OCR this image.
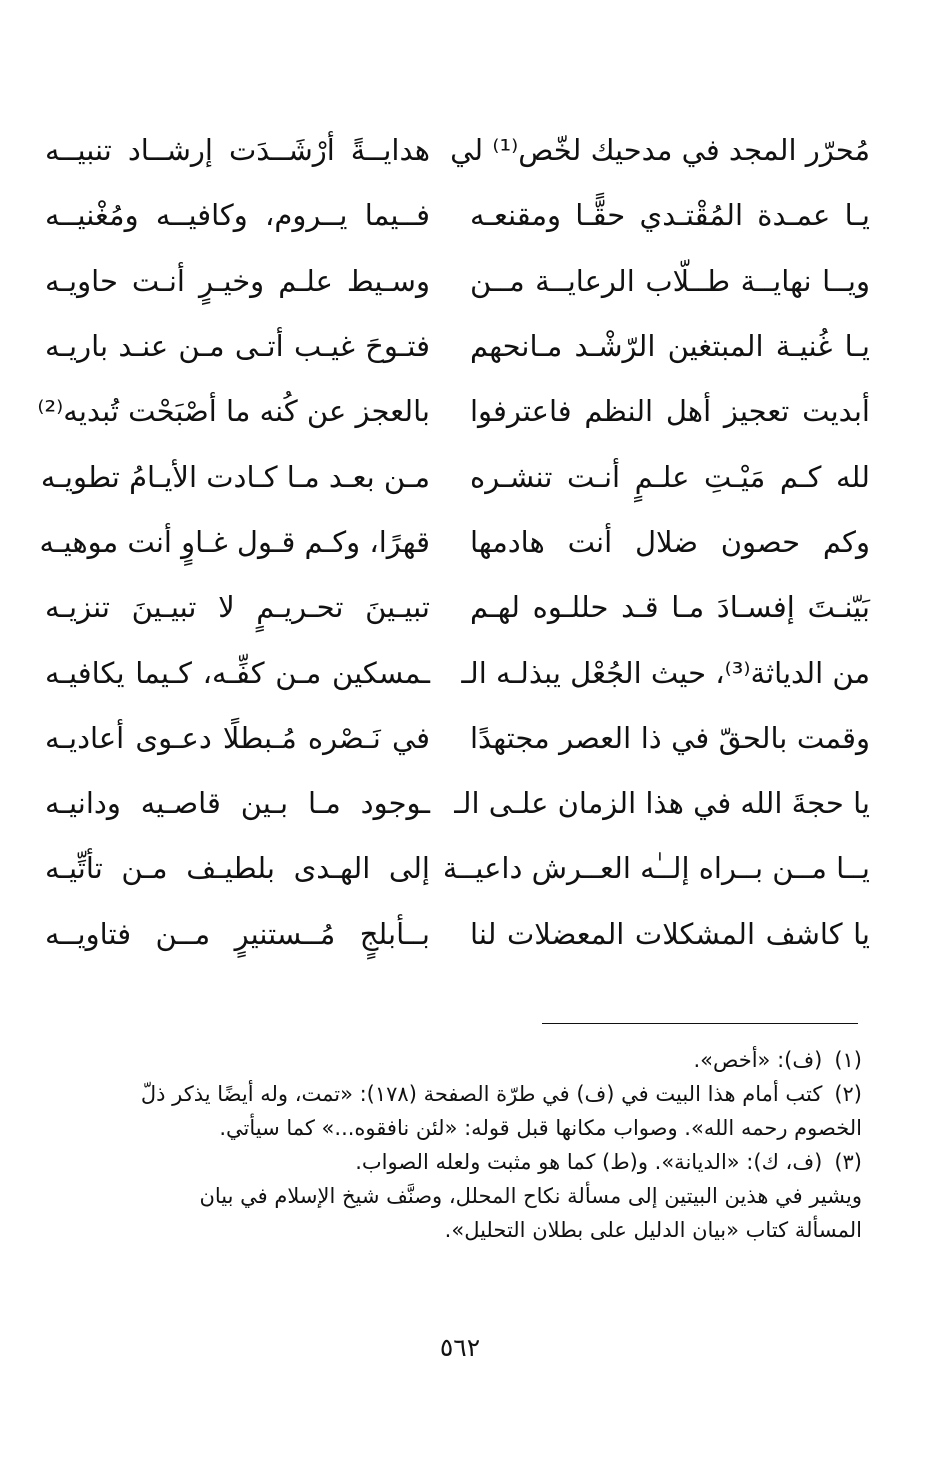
مُحرّر المجد في مدحيك لخّص⁽¹⁾ لي
هدايــةً أرْشَــدَت إرشــاد تنبيــه
يـا عمـدة المُقْتـدي حقًّـا ومقنعـه
فــيما يــروم، وكافيــه ومُغْنيــه
ويــا نهايــة طــلّاب الرعايــة مــن
وسـيط علـم وخيـرٍ أنـت حاويـه
يـا غُنيـة المبتغين الرّشْـد مـانحهم
فتـوحَ غيـب أتـى مـن عنـد باريـه
أبديت تعجيز أهل النظم فاعترفوا
بالعجز عن كُنه ما أصْبَحْت تُبديه⁽²⁾
لله كـم مَيْـتِ علـمٍ أنـت تنشـره
مـن بعـد مـا كـادت الأيـامُ تطويـه
وكم حصون ضلال أنت هادمها
قهرًا، وكـم قـول غـاوٍ أنت موهيـه
بَيّنـتَ إفسـادَ مـا قـد حللـوه لهـم
تبيـينَ تحـريـمٍ لا تبيـينَ تنزيـه
من الدياثة⁽³⁾، حيث الجُعْل يبذلـه الـ
ـمسكين مـن كفِّـه، كـيما يكافيـه
وقمت بالحقّ في ذا العصر مجتهدًا
في نَـصْره مُـبطلًا دعـوى أعاديـه
يا حجةَ الله في هذا الزمان علـى الـ
ـوجود مـا بـين قاصـيه ودانيـه
يــا مــن بــراه إلــٰه العــرش داعيــة
إلى الهـدى بلطيـف مـن تأتِّيـه
يا كاشف المشكلات المعضلات لنا
بــأبلجٍ مُــستنيرٍ مــن فتاويــه
(١)(ف): «أخص».
(٢)كتب أمام هذا البيت في (ف) في طرّة الصفحة (١٧٨): «تمت، وله أيضًا يذكر ذلّ
الخصوم رحمه الله». وصواب مكانها قبل قوله: «لئن نافقوه...» كما سيأتي.
(٣)(ف، ك): «الديانة». و(ط) كما هو مثبت ولعله الصواب.
ويشير في هذين البيتين إلى مسألة نكاح المحلل، وصنَّف شيخ الإسلام في بيان
المسألة كتاب «بيان الدليل على بطلان التحليل».
٥٦٢
